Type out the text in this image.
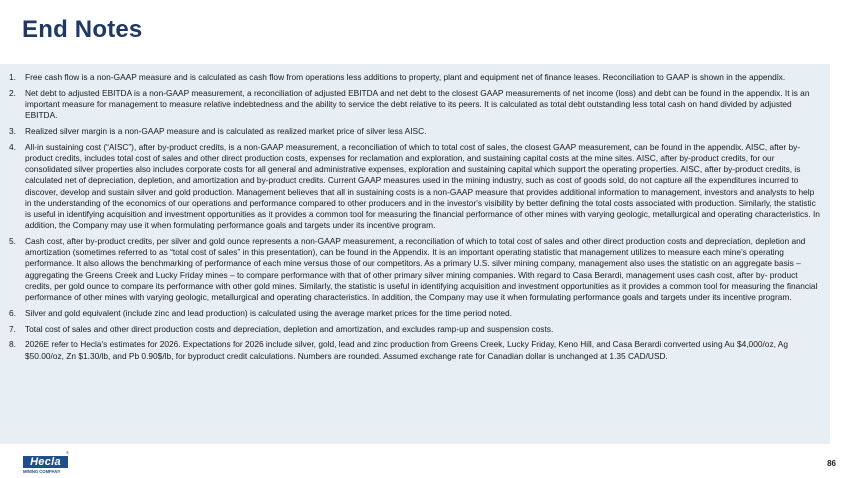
End Notes
1. Free cash flow is a non-GAAP measure and is calculated as cash flow from operations less additions to property, plant and equipment net of finance leases. Reconciliation to GAAP is shown in the appendix.
2. Net debt to adjusted EBITDA is a non-GAAP measurement, a reconciliation of adjusted EBITDA and net debt to the closest GAAP measurements of net income (loss) and debt can be found in the appendix. It is an important measure for management to measure relative indebtedness and the ability to service the debt relative to its peers. It is calculated as total debt outstanding less total cash on hand divided by adjusted EBITDA.
3. Realized silver margin is a non-GAAP measure and is calculated as realized market price of silver less AISC.
4. All-in sustaining cost (“AISC”), after by-product credits, is a non-GAAP measurement, a reconciliation of which to total cost of sales, the closest GAAP measurement, can be found in the appendix. AISC, after by-product credits, includes total cost of sales and other direct production costs, expenses for reclamation and exploration, and sustaining capital costs at the mine sites. AISC, after by-product credits, for our consolidated silver properties also includes corporate costs for all general and administrative expenses, exploration and sustaining capital which support the operating properties. AISC, after by-product credits, is calculated net of depreciation, depletion, and amortization and by-product credits. Current GAAP measures used in the mining industry, such as cost of goods sold, do not capture all the expenditures incurred to discover, develop and sustain silver and gold production. Management believes that all in sustaining costs is a non-GAAP measure that provides additional information to management, investors and analysts to help in the understanding of the economics of our operations and performance compared to other producers and in the investor's visibility by better defining the total costs associated with production. Similarly, the statistic is useful in identifying acquisition and investment opportunities as it provides a common tool for measuring the financial performance of other mines with varying geologic, metallurgical and operating characteristics. In addition, the Company may use it when formulating performance goals and targets under its incentive program.
5. Cash cost, after by-product credits, per silver and gold ounce represents a non-GAAP measurement, a reconciliation of which to total cost of sales and other direct production costs and depreciation, depletion and amortization (sometimes referred to as “total cost of sales” in this presentation), can be found in the Appendix. It is an important operating statistic that management utilizes to measure each mine's operating performance. It also allows the benchmarking of performance of each mine versus those of our competitors. As a primary U.S. silver mining company, management also uses the statistic on an aggregate basis – aggregating the Greens Creek and Lucky Friday mines – to compare performance with that of other primary silver mining companies. With regard to Casa Berardi, management uses cash cost, after by- product credits, per gold ounce to compare its performance with other gold mines. Similarly, the statistic is useful in identifying acquisition and investment opportunities as it provides a common tool for measuring the financial performance of other mines with varying geologic, metallurgical and operating characteristics. In addition, the Company may use it when formulating performance goals and targets under its incentive program.
6. Silver and gold equivalent (include zinc and lead production) is calculated using the average market prices for the time period noted.
7. Total cost of sales and other direct production costs and depreciation, depletion and amortization, and excludes ramp-up and suspension costs.
8. 2026E refer to Hecla's estimates for 2026. Expectations for 2026 include silver, gold, lead and zinc production from Greens Creek, Lucky Friday, Keno Hill, and Casa Berardi converted using Au $4,000/oz, Ag $50.00/oz, Zn $1.30/lb, and Pb 0.90$/lb, for byproduct credit calculations. Numbers are rounded. Assumed exchange rate for Canadian dollar is unchanged at 1.35 CAD/USD.
®
Hecla
MINING COMPANY
86
